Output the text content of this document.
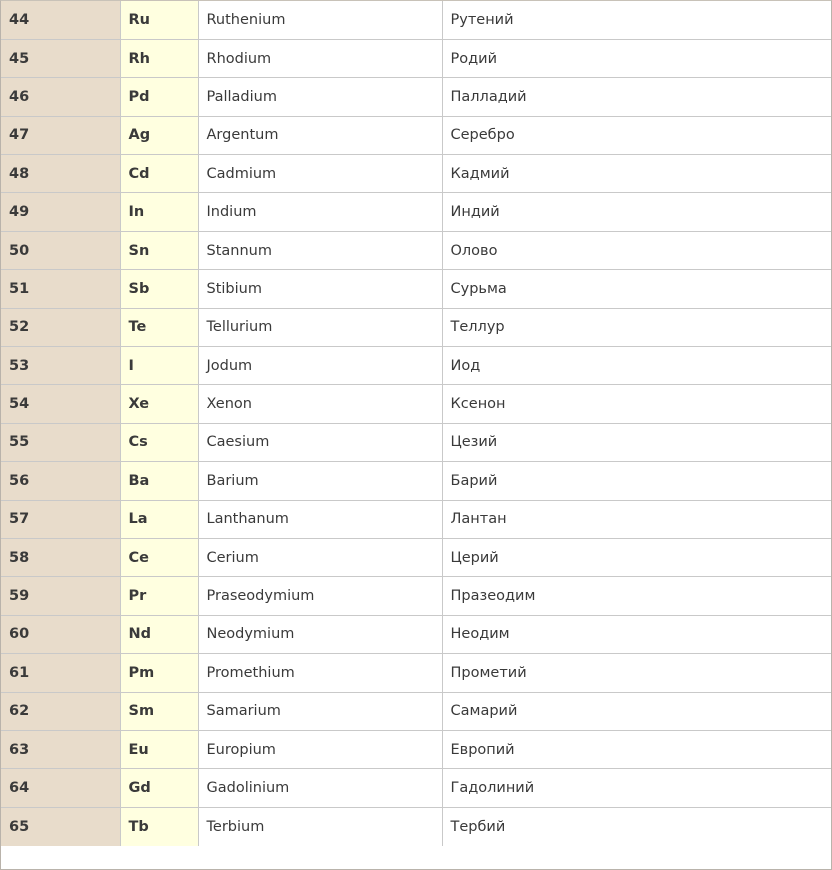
44	Ru	Ruthenium	Рутений
45	Rh	Rhodium	Родий
46	Pd	Palladium	Палладий
47	Ag	Argentum	Серебро
48	Cd	Cadmium	Кадмий
49	In	Indium	Индий
50	Sn	Stannum	Олово
51	Sb	Stibium	Сурьма
52	Te	Tellurium	Теллур
53	I	Jodum	Иод
54	Xe	Xenon	Ксенон
55	Cs	Caesium	Цезий
56	Ba	Barium	Барий
57	La	Lanthanum	Лантан
58	Ce	Cerium	Церий
59	Pr	Praseodymium	Празеодим
60	Nd	Neodymium	Неодим
61	Pm	Promethium	Прометий
62	Sm	Samarium	Самарий
63	Eu	Europium	Европий
64	Gd	Gadolinium	Гадолиний
65	Tb	Terbium	Тербий
